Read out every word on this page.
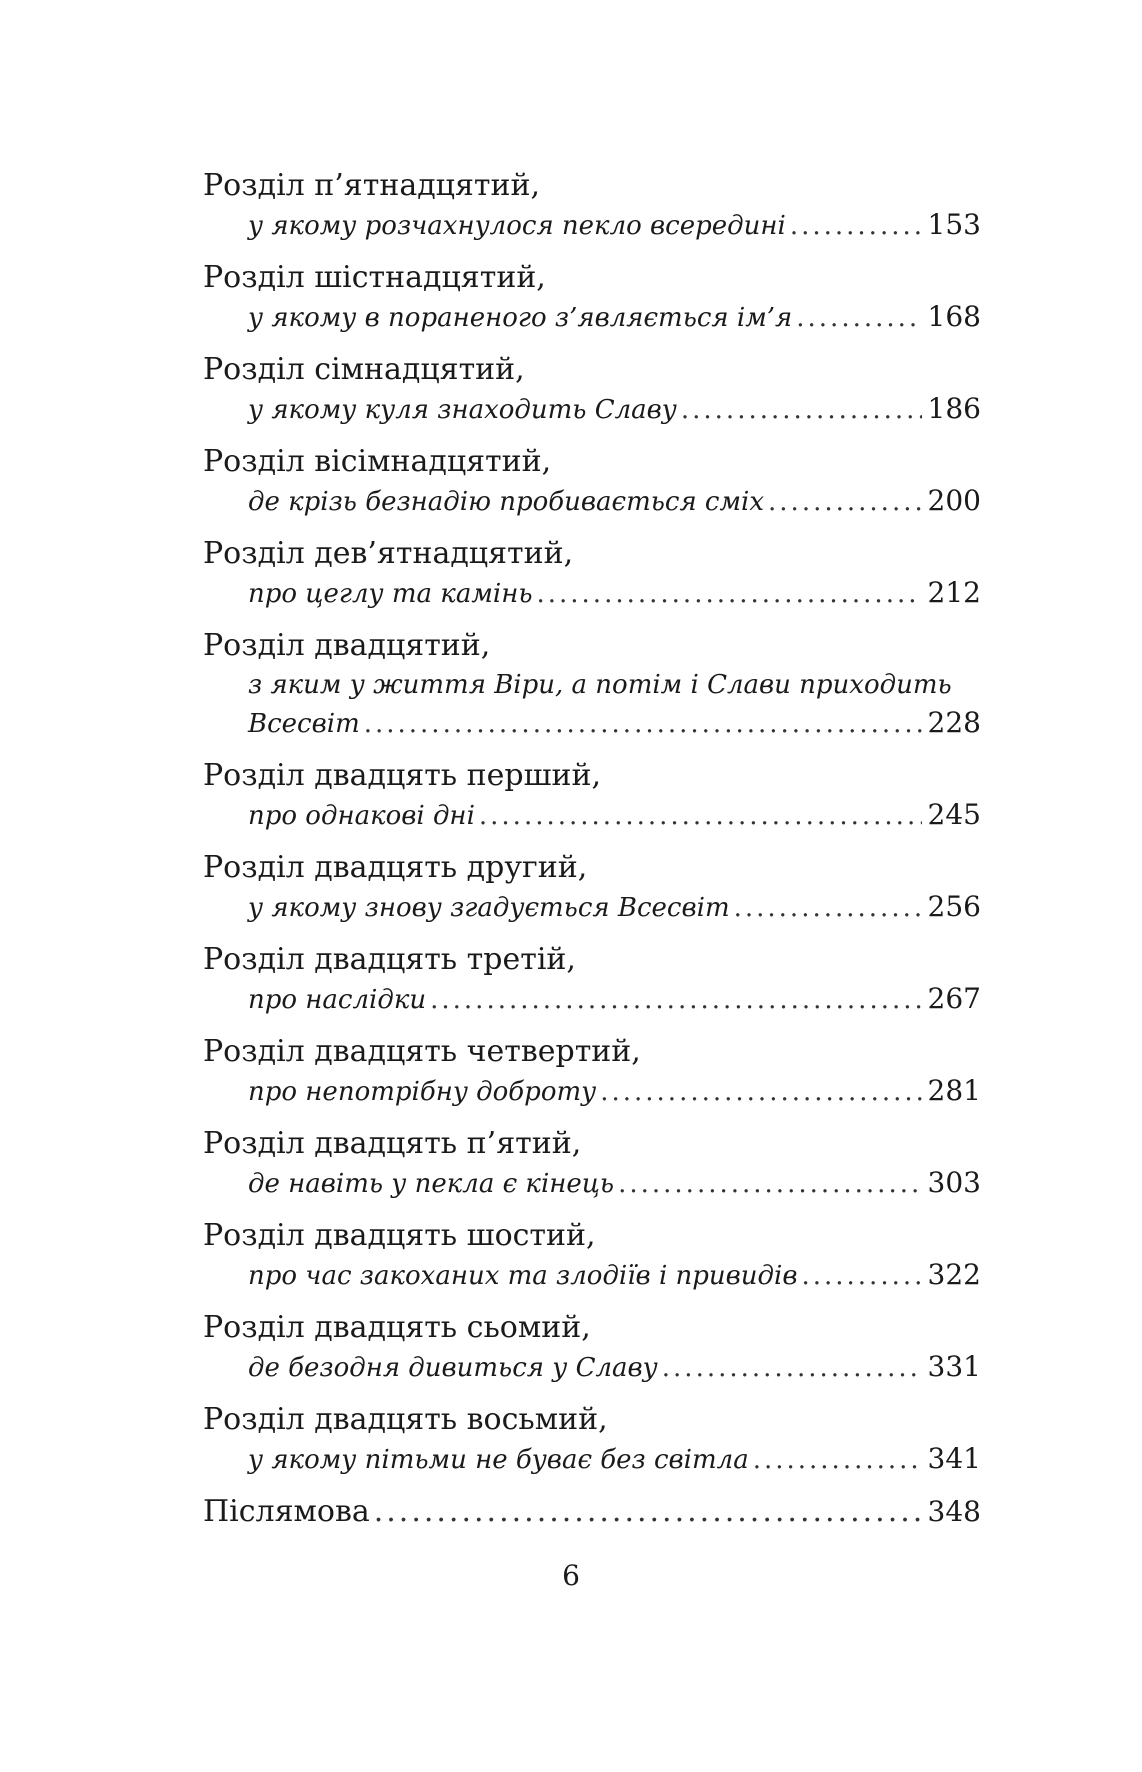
Розділ п’ятнадцятий,
у якому розчахнулося пекло всередині .....	153
Розділ шістнадцятий,
у якому в пораненого з’являється ім’я .....	168
Розділ сімнадцятий,
у якому куля знаходить Славу .....	186
Розділ вісімнадцятий,
де крізь безнадію пробивається сміх .....	200
Розділ дев’ятнадцятий,
про цеглу та камінь .....	212
Розділ двадцятий,
з яким у життя Віри, а потім і Слави приходить
Всесвіт .....	228
Розділ двадцять перший,
про однакові дні .....	245
Розділ двадцять другий,
у якому знову згадується Всесвіт .....	256
Розділ двадцять третій,
про наслідки .....	267
Розділ двадцять четвертий,
про непотрібну доброту .....	281
Розділ двадцять п’ятий,
де навіть у пекла є кінець .....	303
Розділ двадцять шостий,
про час закоханих та злодіїв і привидів .....	322
Розділ двадцять сьомий,
де безодня дивиться у Славу .....	331
Розділ двадцять восьмий,
у якому пітьми не буває без світла .....	341
Післямова .....	348
6
